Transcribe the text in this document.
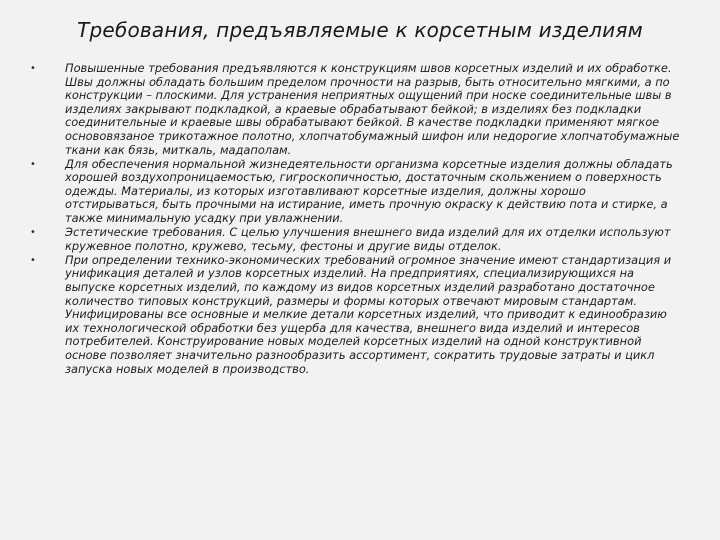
Требования, предъявляемые к корсетным изделиям
•	Повышенные требования предъявляются к конструкциям швов корсетных изделий и их обработке. Швы должны обладать большим пределом прочности на разрыв, быть относительно мягкими, а по конструкции – плоскими. Для устранения неприятных ощущений при носке соединительные швы в изделиях закрывают подкладкой, а краевые обрабатывают бейкой; в изделиях без подкладки соединительные и краевые швы обрабатывают бейкой. В качестве подкладки применяют мягкое основовязаное трикотажное полотно, хлопчатобумажный шифон или недорогие хлопчатобумажные ткани как бязь, миткаль, мадаполам.
•	Для обеспечения нормальной жизнедеятельности организма корсетные изделия должны обладать хорошей воздухопроницаемостью, гигроскопичностью, достаточным скольжением о поверхность одежды. Материалы, из которых изготавливают корсетные изделия, должны хорошо отстирываться, быть прочными на истирание, иметь прочную окраску к действию пота и стирке, а также минимальную усадку при увлажнении.
•	Эстетические требования. С целью улучшения внешнего вида изделий для их отделки используют кружевное полотно, кружево, тесьму, фестоны и другие виды отделок.
•	При определении технико-экономических требований огромное значение имеют стандартизация и унификация деталей и узлов корсетных изделий. На предприятиях, специализирующихся на выпуске корсетных изделий, по каждому из видов корсетных изделий разработано достаточное количество типовых конструкций, размеры и формы которых отвечают мировым стандартам. Унифицированы все основные и мелкие детали корсетных изделий, что приводит к единообразию их технологической обработки без ущерба для качества, внешнего вида изделий и интересов потребителей. Конструирование новых моделей корсетных изделий на одной конструктивной основе позволяет значительно разнообразить ассортимент, сократить трудовые затраты и цикл запуска новых моделей в производство.
